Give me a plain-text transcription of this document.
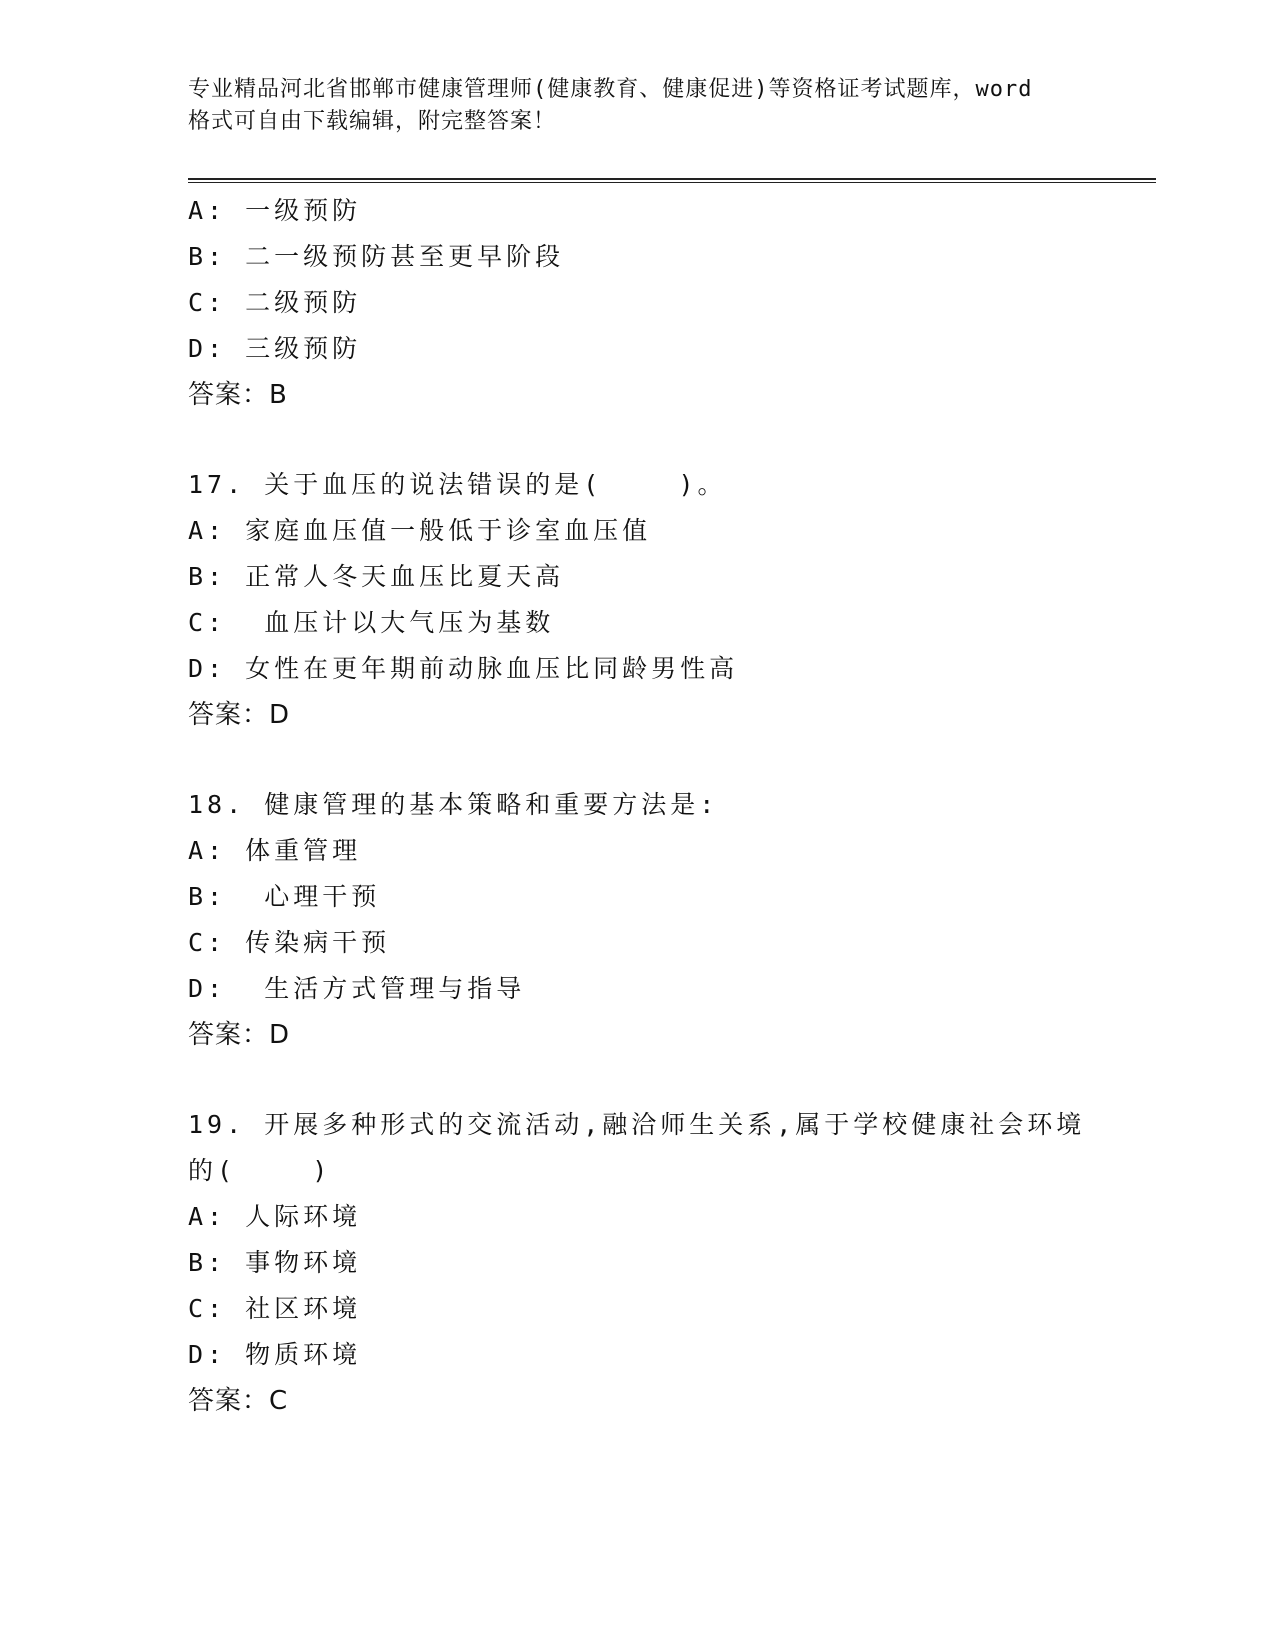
专业精品河北省邯郸市健康管理师(健康教育、健康促进)等资格证考试题库，word
格式可自由下载编辑，附完整答案！
A: 一级预防
B: 二一级预防甚至更早阶段
C: 二级预防
D: 三级预防
答案：B
17. 关于血压的说法错误的是(    )。
A: 家庭血压值一般低于诊室血压值
B: 正常人冬天血压比夏天高
C:  血压计以大气压为基数
D: 女性在更年期前动脉血压比同龄男性高
答案：D
18. 健康管理的基本策略和重要方法是:
A: 体重管理
B:  心理干预
C: 传染病干预
D:  生活方式管理与指导
答案：D
19. 开展多种形式的交流活动,融洽师生关系,属于学校健康社会环境
的(    )
A: 人际环境
B: 事物环境
C: 社区环境
D: 物质环境
答案：C
